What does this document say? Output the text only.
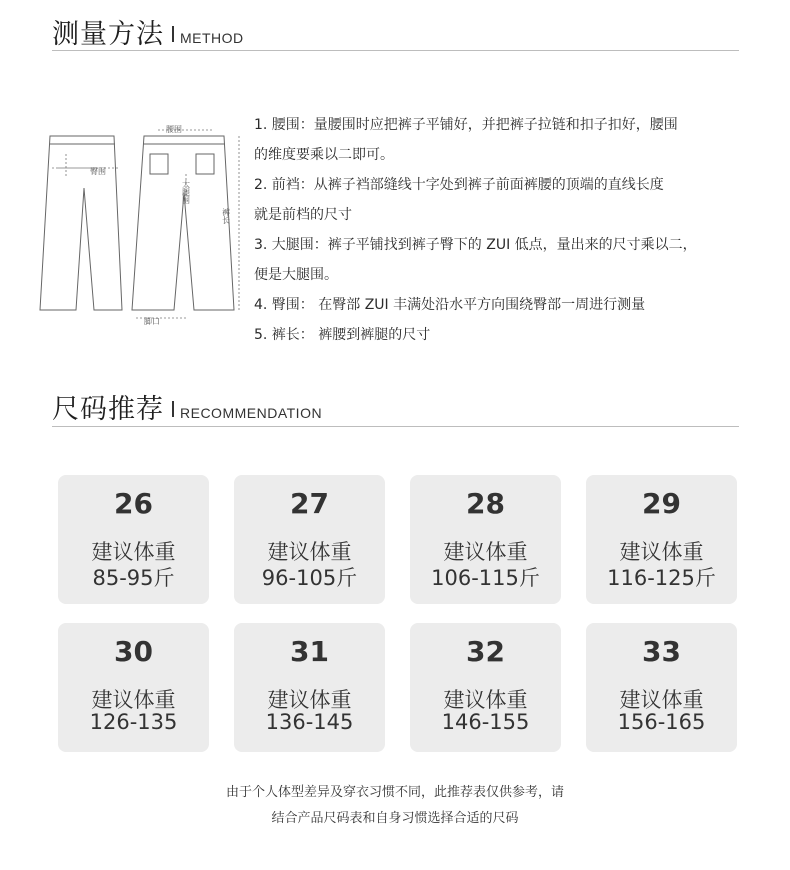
测量方法 METHOD
腰围
臀围
大腿围
裤长
脚口
1. 腰围：量腰围时应把裤子平铺好，并把裤子拉链和扣子扣好，腰围
的维度要乘以二即可。
2. 前裆：从裤子裆部缝线十字处到裤子前面裤腰的顶端的直线长度
就是前档的尺寸
3. 大腿围：裤子平铺找到裤子臀下的 ZUI 低点，量出来的尺寸乘以二，
便是大腿围。
4. 臀围： 在臀部 ZUI 丰满处沿水平方向围绕臀部一周进行测量
5. 裤长： 裤腰到裤腿的尺寸
尺码推荐 RECOMMENDATION
26
建议体重
85-95斤
27
建议体重
96-105斤
28
建议体重
106-115斤
29
建议体重
116-125斤
30
建议体重
126-135
31
建议体重
136-145
32
建议体重
146-155
33
建议体重
156-165
由于个人体型差异及穿衣习惯不同，此推荐表仅供参考，请
结合产品尺码表和自身习惯选择合适的尺码
